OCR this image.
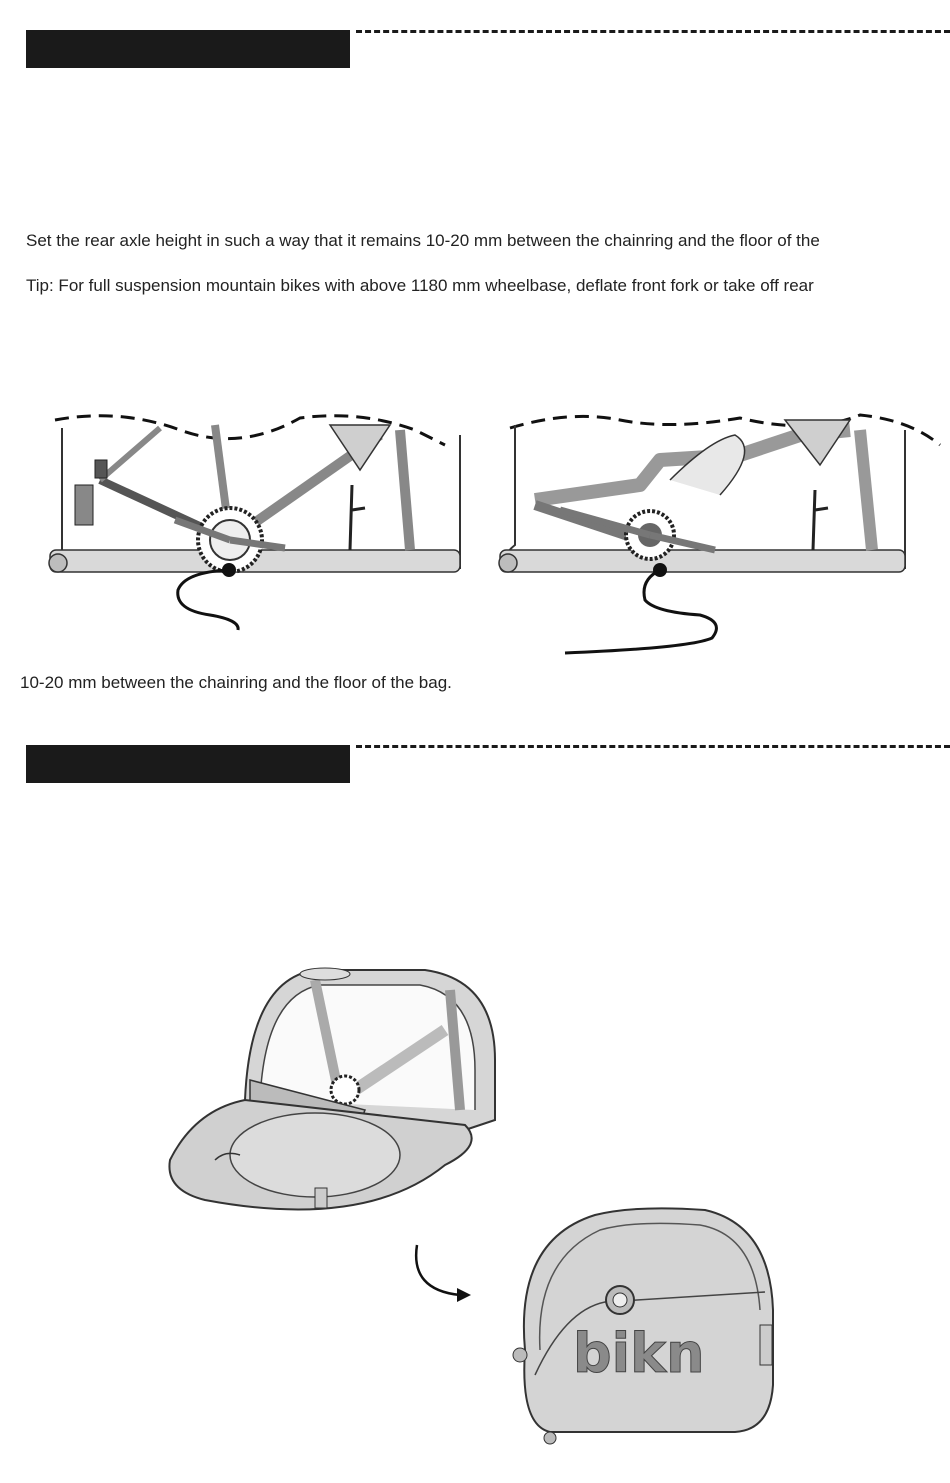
Set the rear axle height in such a way that it remains 10-20 mm between the chainring and the floor of the
Tip: For full suspension mountain bikes with above 1180 mm wheelbase, deflate front fork or take off rear
10-20 mm between the chainring and the floor of the bag.
bikn
